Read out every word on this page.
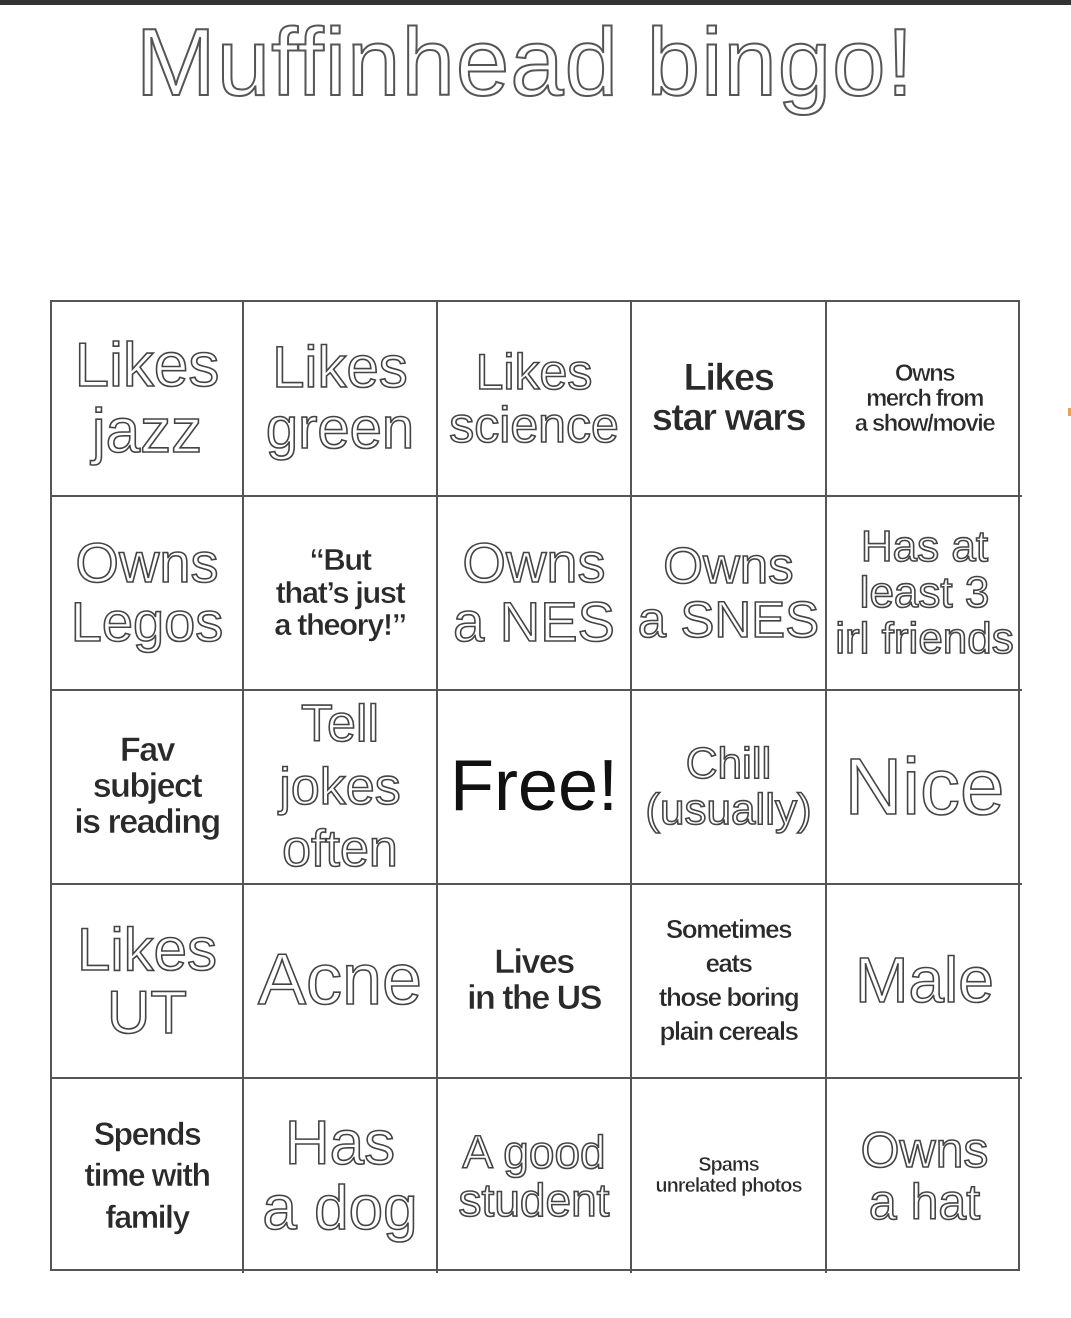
Muffinhead bingo!
Likes
jazz
Likes
green
Likes
science
Likes
star wars
Owns
merch from
a show/movie
Owns
Legos
“But
that’s just
a theory!”
Owns
a NES
Owns
a SNES
Has at
least 3
irl friends
Fav
subject
is reading
Tell
jokes
often
Free!	Chill
(usually) Nice
Likes
UT Acne	Lives
in the US
Sometimes
eats
those boring
plain cereals
Male
Spends
time with
family
Has
a dog
A good
student
Spams
unrelated photos
Owns
a hat
